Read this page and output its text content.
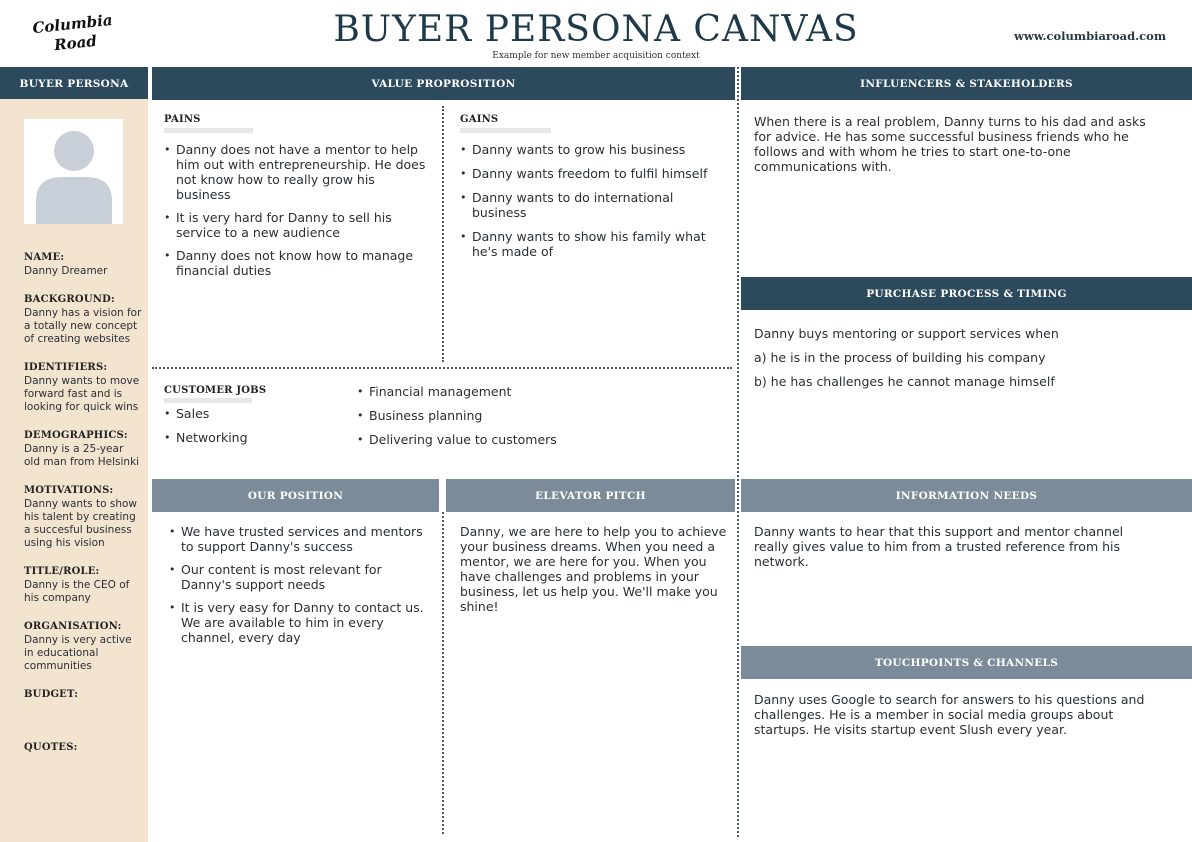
Columbia
Road	BUYER PERSONA CANVAS
Example for new member acquisition context
www.columbiaroad.com
BUYER PERSONA	VALUE PROPROSITION	INFLUENCERS & STAKEHOLDERS
PURCHASE PROCESS & TIMING
OUR POSITION	ELEVATOR PITCH	INFORMATION NEEDS
TOUCHPOINTS & CHANNELS
NAME:
Danny Dreamer
BACKGROUND:
Danny has a vision for a totally new concept of creating websites
IDENTIFIERS:
Danny wants to move forward fast and is looking for quick wins
DEMOGRAPHICS:
Danny is a 25-year old man from Helsinki
MOTIVATIONS:
Danny wants to show his talent by creating a succesful business using his vision
TITLE/ROLE:
Danny is the CEO of his company
ORGANISATION:
Danny is very active in educational communities
BUDGET:
QUOTES:
PAINS
• Danny does not have a mentor to help him out with entrepreneurship. He does not know how to really grow his business
• It is very hard for Danny to sell his service to a new audience
• Danny does not know how to manage financial duties
GAINS
• Danny wants to grow his business
• Danny wants freedom to fulfil himself
• Danny wants to do international business
• Danny wants to show his family what he's made of
CUSTOMER JOBS
• Sales
• Networking
• Financial management
• Business planning
• Delivering value to customers
When there is a real problem, Danny turns to his dad and asks for advice. He has some successful business friends who he follows and with whom he tries to start one-to-one communications with.
Danny buys mentoring or support services when
a) he is in the process of building his company
b) he has challenges he cannot manage himself
• We have trusted services and mentors to support Danny's success
• Our content is most relevant for Danny's support needs
• It is very easy for Danny to contact us. We are available to him in every channel, every day
Danny, we are here to help you to achieve your business dreams. When you need a mentor, we are here for you. When you have challenges and problems in your business, let us help you. We'll make you shine!
Danny wants to hear that this support and mentor channel really gives value to him from a trusted reference from his network.
Danny uses Google to search for answers to his questions and challenges. He is a member in social media groups about startups. He visits startup event Slush every year.
